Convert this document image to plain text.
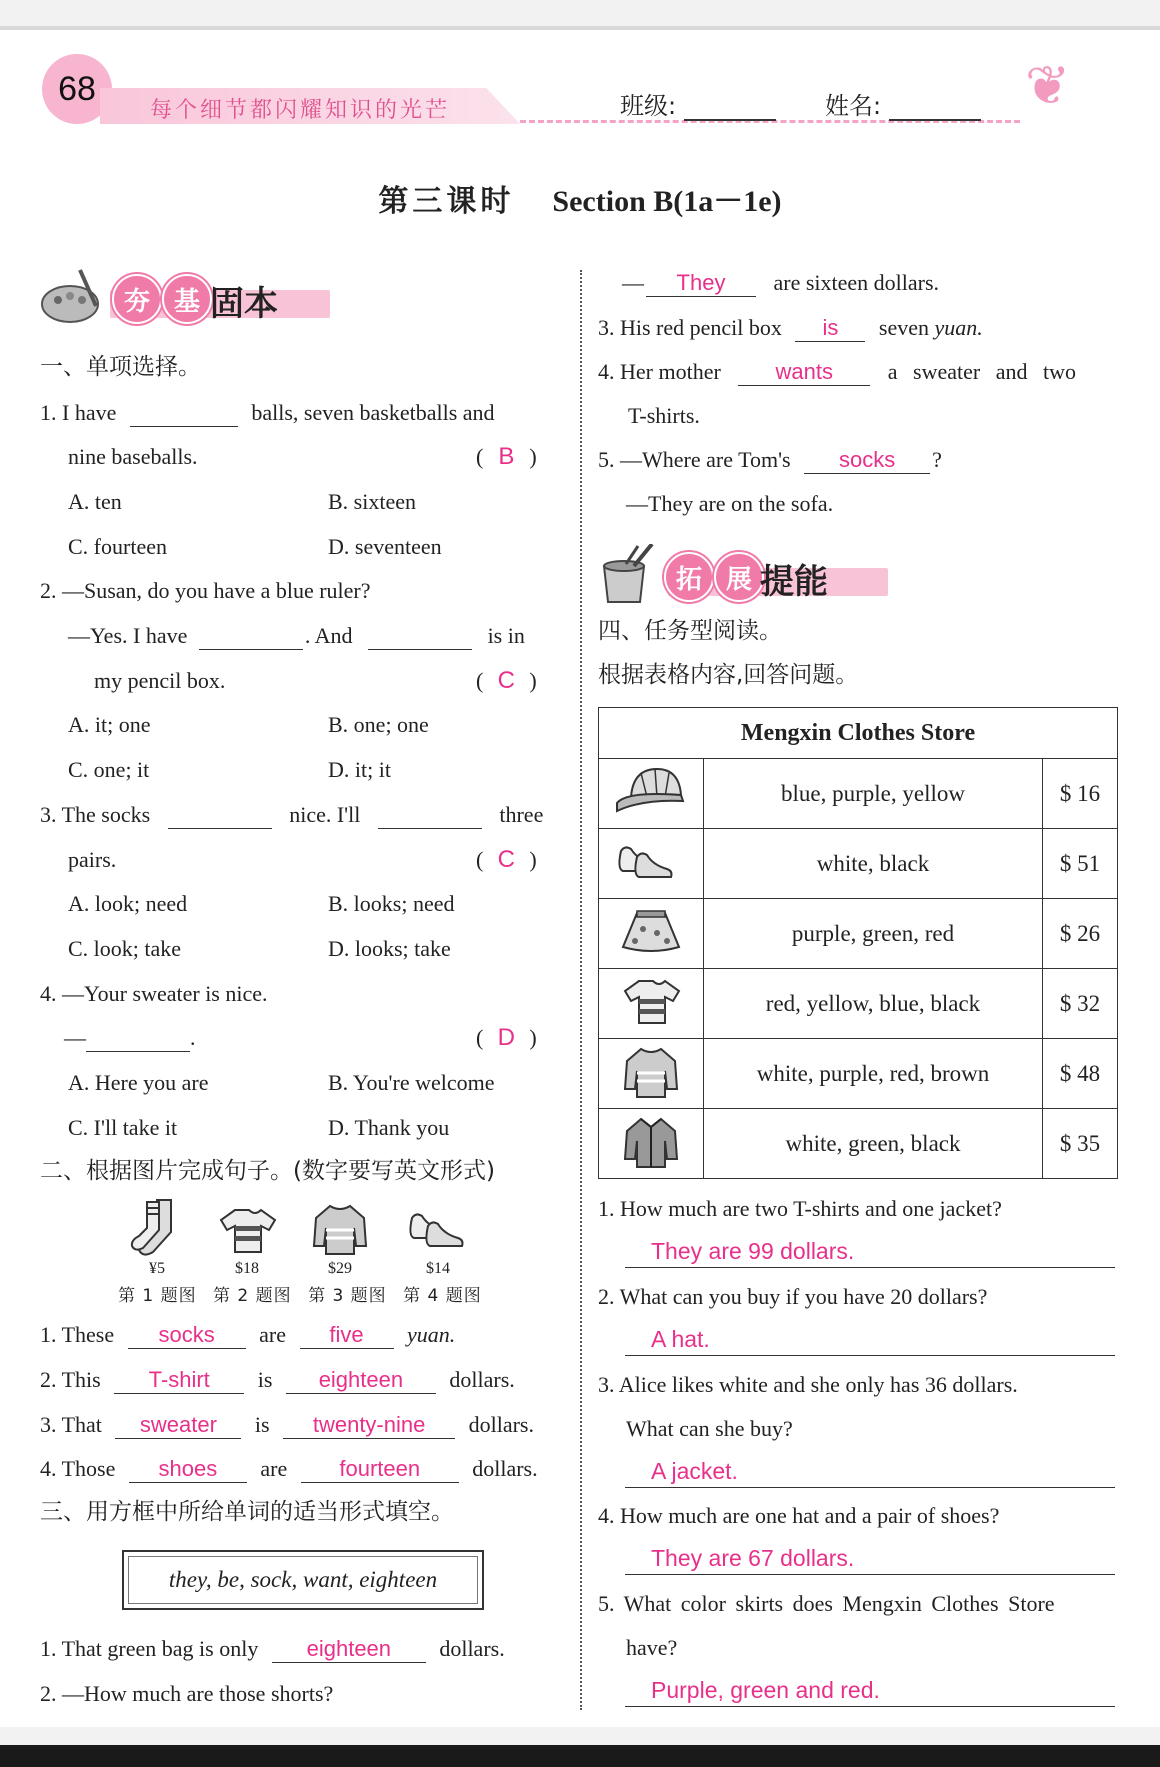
68
每个细节都闪耀知识的光芒	班级:	姓名:	❦
第三课时 Section B(1a－1e)
夯 基 固本
一、单项选择。
1. I have	balls, seven basketballs and
nine baseballs.	( B )
A. ten	B. sixteen
C. fourteen	D. seventeen
2. —Susan, do you have a blue ruler?
—Yes. I have	. And	is in
my pencil box.	( C )
A. it; one	B. one; one
C. one; it	D. it; it
3. The socks	nice. I'll	three
pairs.	( C )
A. look; need	B. looks; need
C. look; take	D. looks; take
4. —Your sweater is nice.
—	.	( D )
A. Here you are	B. You're welcome
C. I'll take it	D. Thank you
二、根据图片完成句子。(数字要写英文形式)
¥5	$18	$29	$14
第 1 题图 第 2 题图 第 3 题图 第 4 题图
1. These socks are five yuan.
2. This T-shirt is eighteen dollars.
3. That sweater is twenty-nine dollars.
4. Those shoes are fourteen dollars.
三、用方框中所给单词的适当形式填空。
they, be, sock, want, eighteen
1. That green bag is only eighteen dollars.
2. —How much are those shorts?
— They are sixteen dollars.
3. His red pencil box is seven yuan.
4. Her mother wants a sweater and two
T-shirts.
5. —Where are Tom's socks ?
—They are on the sofa.
拓 展 提能
四、任务型阅读。
根据表格内容,回答问题。
Mengxin Clothes Store		
	blue, purple, yellow	$ 16
	white, black	$ 51
	purple, green, red	$ 26
	red, yellow, blue, black	$ 32
	white, purple, red, brown	$ 48
	white, green, black	$ 35
1. How much are two T-shirts and one jacket?
They are 99 dollars.
2. What can you buy if you have 20 dollars?
A hat.
3. Alice likes white and she only has 36 dollars.
What can she buy?
A jacket.
4. How much are one hat and a pair of shoes?
They are 67 dollars.
5. What color skirts does Mengxin Clothes Store
have?
Purple, green and red.
